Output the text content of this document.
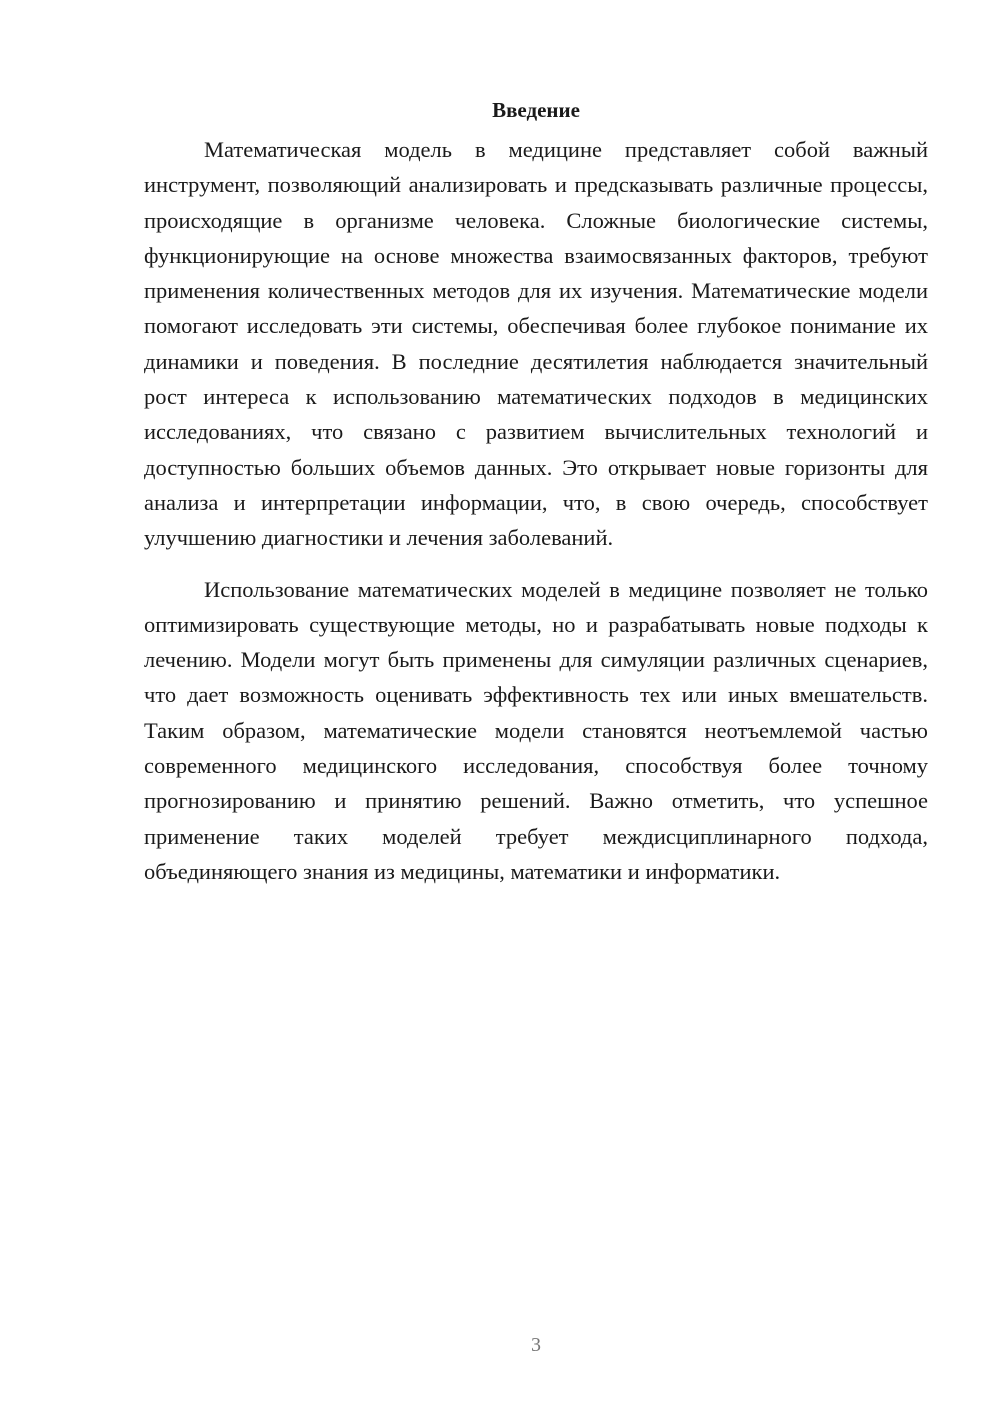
Введение

Математическая модель в медицине представляет собой важный инструмент, позволяющий анализировать и предсказывать различные процессы, происходящие в организме человека. Сложные биологические системы, функционирующие на основе множества взаимосвязанных факторов, требуют применения количественных методов для их изучения. Математические модели помогают исследовать эти системы, обеспечивая более глубокое понимание их динамики и поведения. В последние десятилетия наблюдается значительный рост интереса к использованию математических подходов в медицинских исследованиях, что связано с развитием вычислительных технологий и доступностью больших объемов данных. Это открывает новые горизонты для анализа и интерпретации информации, что, в свою очередь, способствует улучшению диагностики и лечения заболеваний.

Использование математических моделей в медицине позволяет не только оптимизировать существующие методы, но и разрабатывать новые подходы к лечению. Модели могут быть применены для симуляции различных сценариев, что дает возможность оценивать эффективность тех или иных вмешательств. Таким образом, математические модели становятся неотъемлемой частью современного медицинского исследования, способствуя более точному прогнозированию и принятию решений. Важно отметить, что успешное применение таких моделей требует междисциплинарного подхода, объединяющего знания из медицины, математики и информатики.

3
